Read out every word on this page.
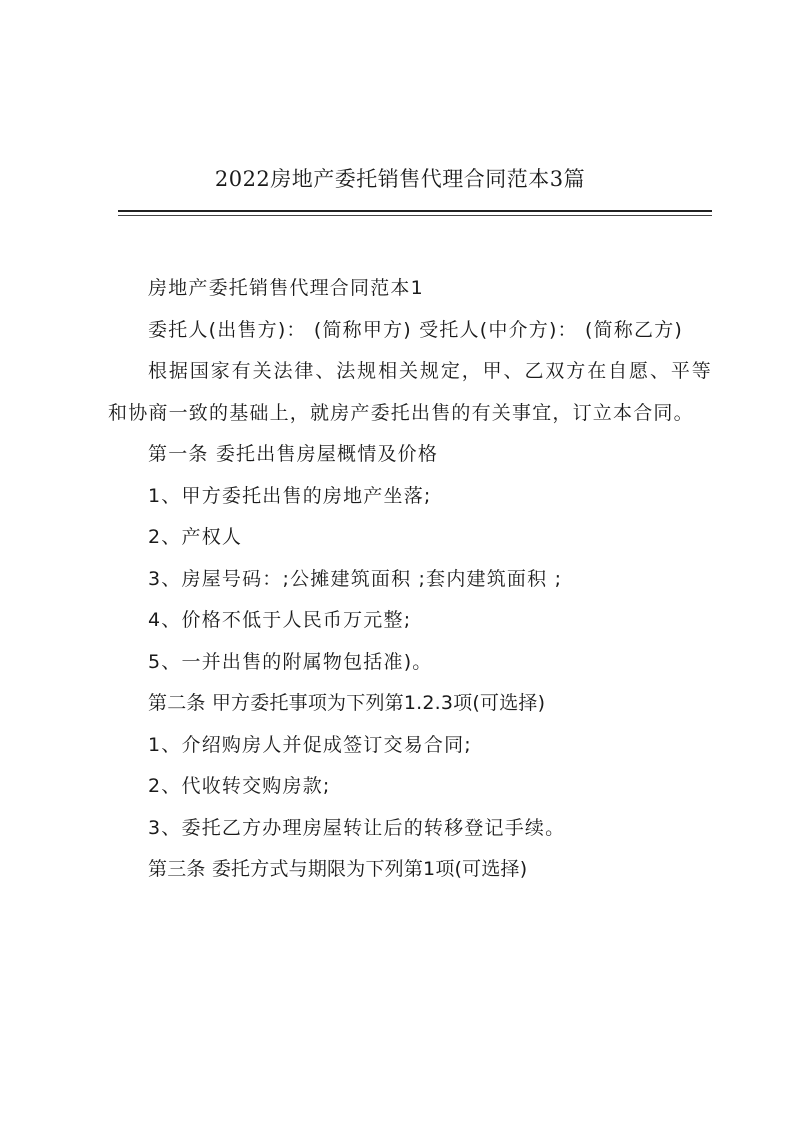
2022房地产委托销售代理合同范本3篇

房地产委托销售代理合同范本1

委托人(出售方)： (简称甲方) 受托人(中介方)： (简称乙方)

根据国家有关法律、法规相关规定，甲、乙双方在自愿、平等和协商一致的基础上，就房产委托出售的有关事宜，订立本合同。

第一条 委托出售房屋概情及价格

1、甲方委托出售的房地产坐落;

2、产权人

3、房屋号码：;公摊建筑面积 ;套内建筑面积 ;

4、价格不低于人民币万元整;

5、一并出售的附属物包括准)。

第二条 甲方委托事项为下列第1.2.3项(可选择)

1、介绍购房人并促成签订交易合同;

2、代收转交购房款;

3、委托乙方办理房屋转让后的转移登记手续。

第三条 委托方式与期限为下列第1项(可选择)
